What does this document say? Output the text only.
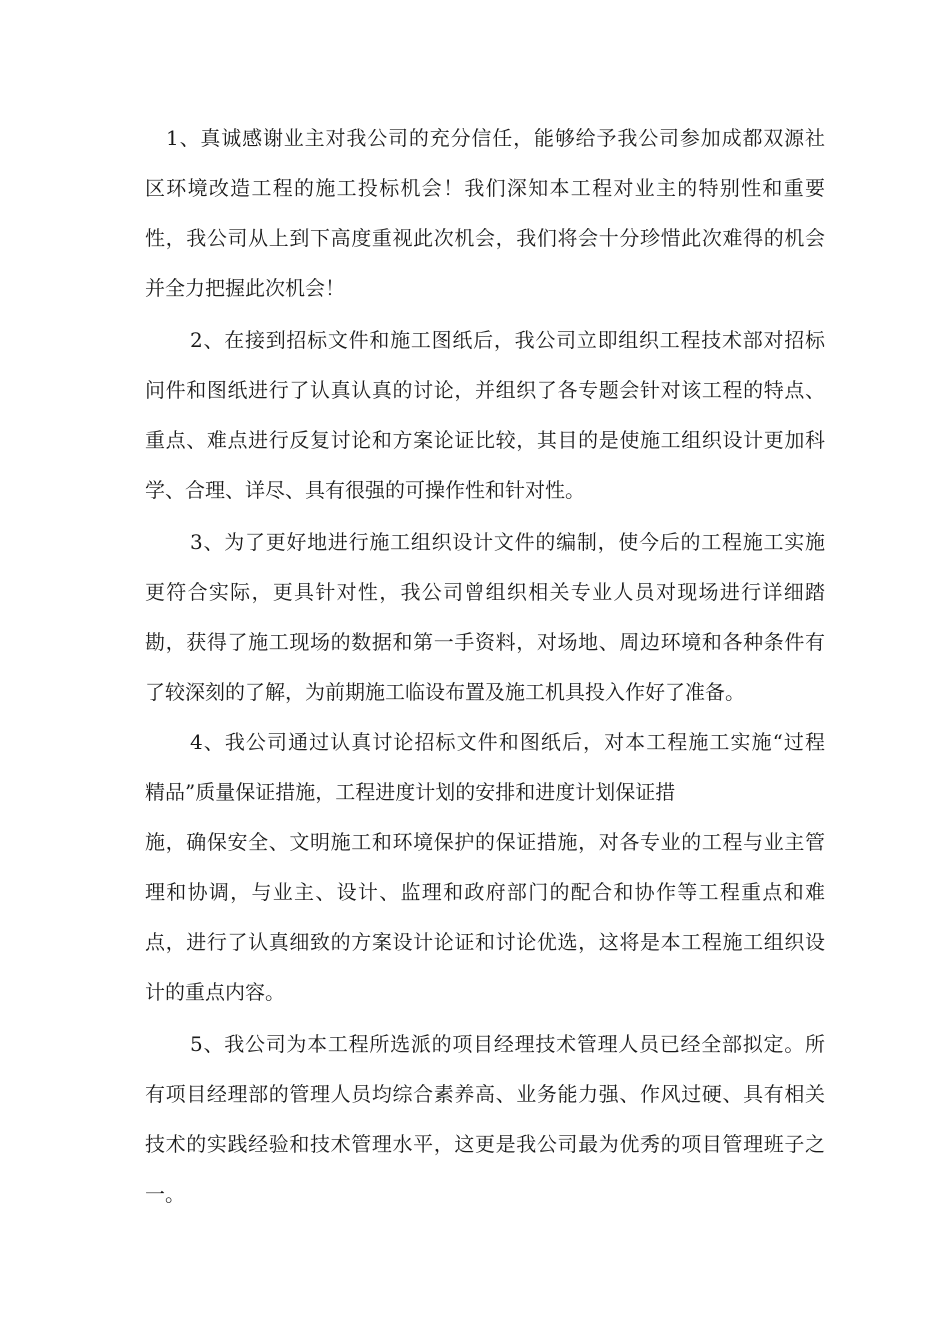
1、真诚感谢业主对我公司的充分信任，能够给予我公司参加成都双源社
区环境改造工程的施工投标机会！我们深知本工程对业主的特别性和重要
性，我公司从上到下高度重视此次机会，我们将会十分珍惜此次难得的机会
并全力把握此次机会！
2、在接到招标文件和施工图纸后，我公司立即组织工程技术部对招标
问件和图纸进行了认真认真的讨论，并组织了各专题会针对该工程的特点、
重点、难点进行反复讨论和方案论证比较，其目的是使施工组织设计更加科
学、合理、详尽、具有很强的可操作性和针对性。
3、为了更好地进行施工组织设计文件的编制，使今后的工程施工实施
更符合实际，更具针对性，我公司曾组织相关专业人员对现场进行详细踏
勘，获得了施工现场的数据和第一手资料，对场地、周边环境和各种条件有
了较深刻的了解，为前期施工临设布置及施工机具投入作好了准备。
4、我公司通过认真讨论招标文件和图纸后，对本工程施工实施“过程
精品”质量保证措施，工程进度计划的安排和进度计划保证措
施，确保安全、文明施工和环境保护的保证措施，对各专业的工程与业主管
理和协调，与业主、设计、监理和政府部门的配合和协作等工程重点和难
点，进行了认真细致的方案设计论证和讨论优选，这将是本工程施工组织设
计的重点内容。
5、我公司为本工程所选派的项目经理技术管理人员已经全部拟定。所
有项目经理部的管理人员均综合素养高、业务能力强、作风过硬、具有相关
技术的实践经验和技术管理水平，这更是我公司最为优秀的项目管理班子之
一。
